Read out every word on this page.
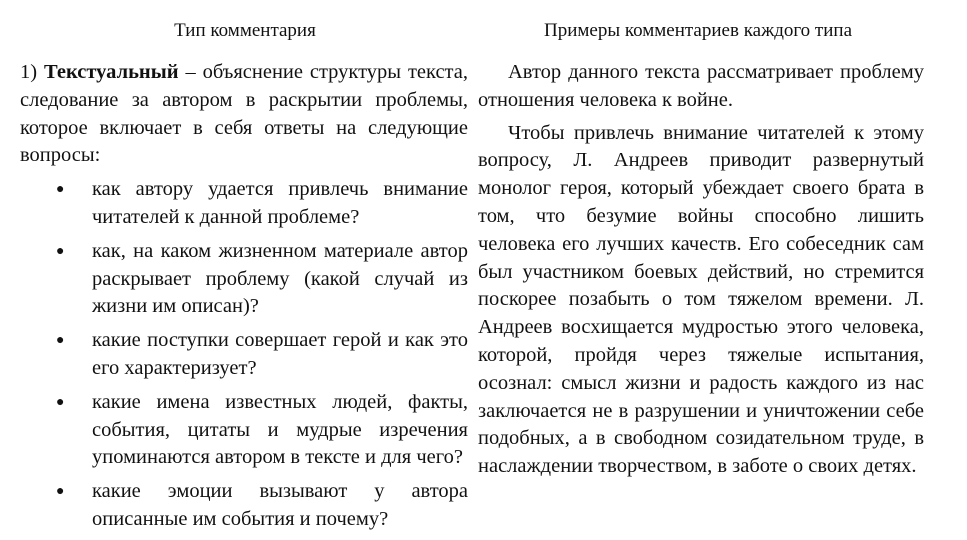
Тип комментария	Примеры комментариев каждого типа

1) Текстуальный – объяснение структуры текста, следование за автором в раскрытии проблемы, которое включает в себя ответы на следующие вопросы:

● как автору удается привлечь внимание читателей к данной проблеме?
● как, на каком жизненном материале автор раскрывает проблему (какой случай из жизни им описан)?
● какие поступки совершает герой и как это его характеризует?
● какие имена известных людей, факты, события, цитаты и мудрые изречения упоминаются автором в тексте и для чего?
● какие эмоции вызывают у автора описанные им события и почему?

Автор данного текста рассматривает проблему отношения человека к войне.

Чтобы привлечь внимание читателей к этому вопросу, Л. Андреев приводит развернутый монолог героя, который убеждает своего брата в том, что безумие войны способно лишить человека его лучших качеств. Его собеседник сам был участником боевых действий, но стремится поскорее позабыть о том тяжелом времени. Л. Андреев восхищается мудростью этого человека, которой, пройдя через тяжелые испытания, осознал: смысл жизни и радость каждого из нас заключается не в разрушении и уничтожении себе подобных, а в свободном созидательном труде, в наслаждении творчеством, в заботе о своих детях.
